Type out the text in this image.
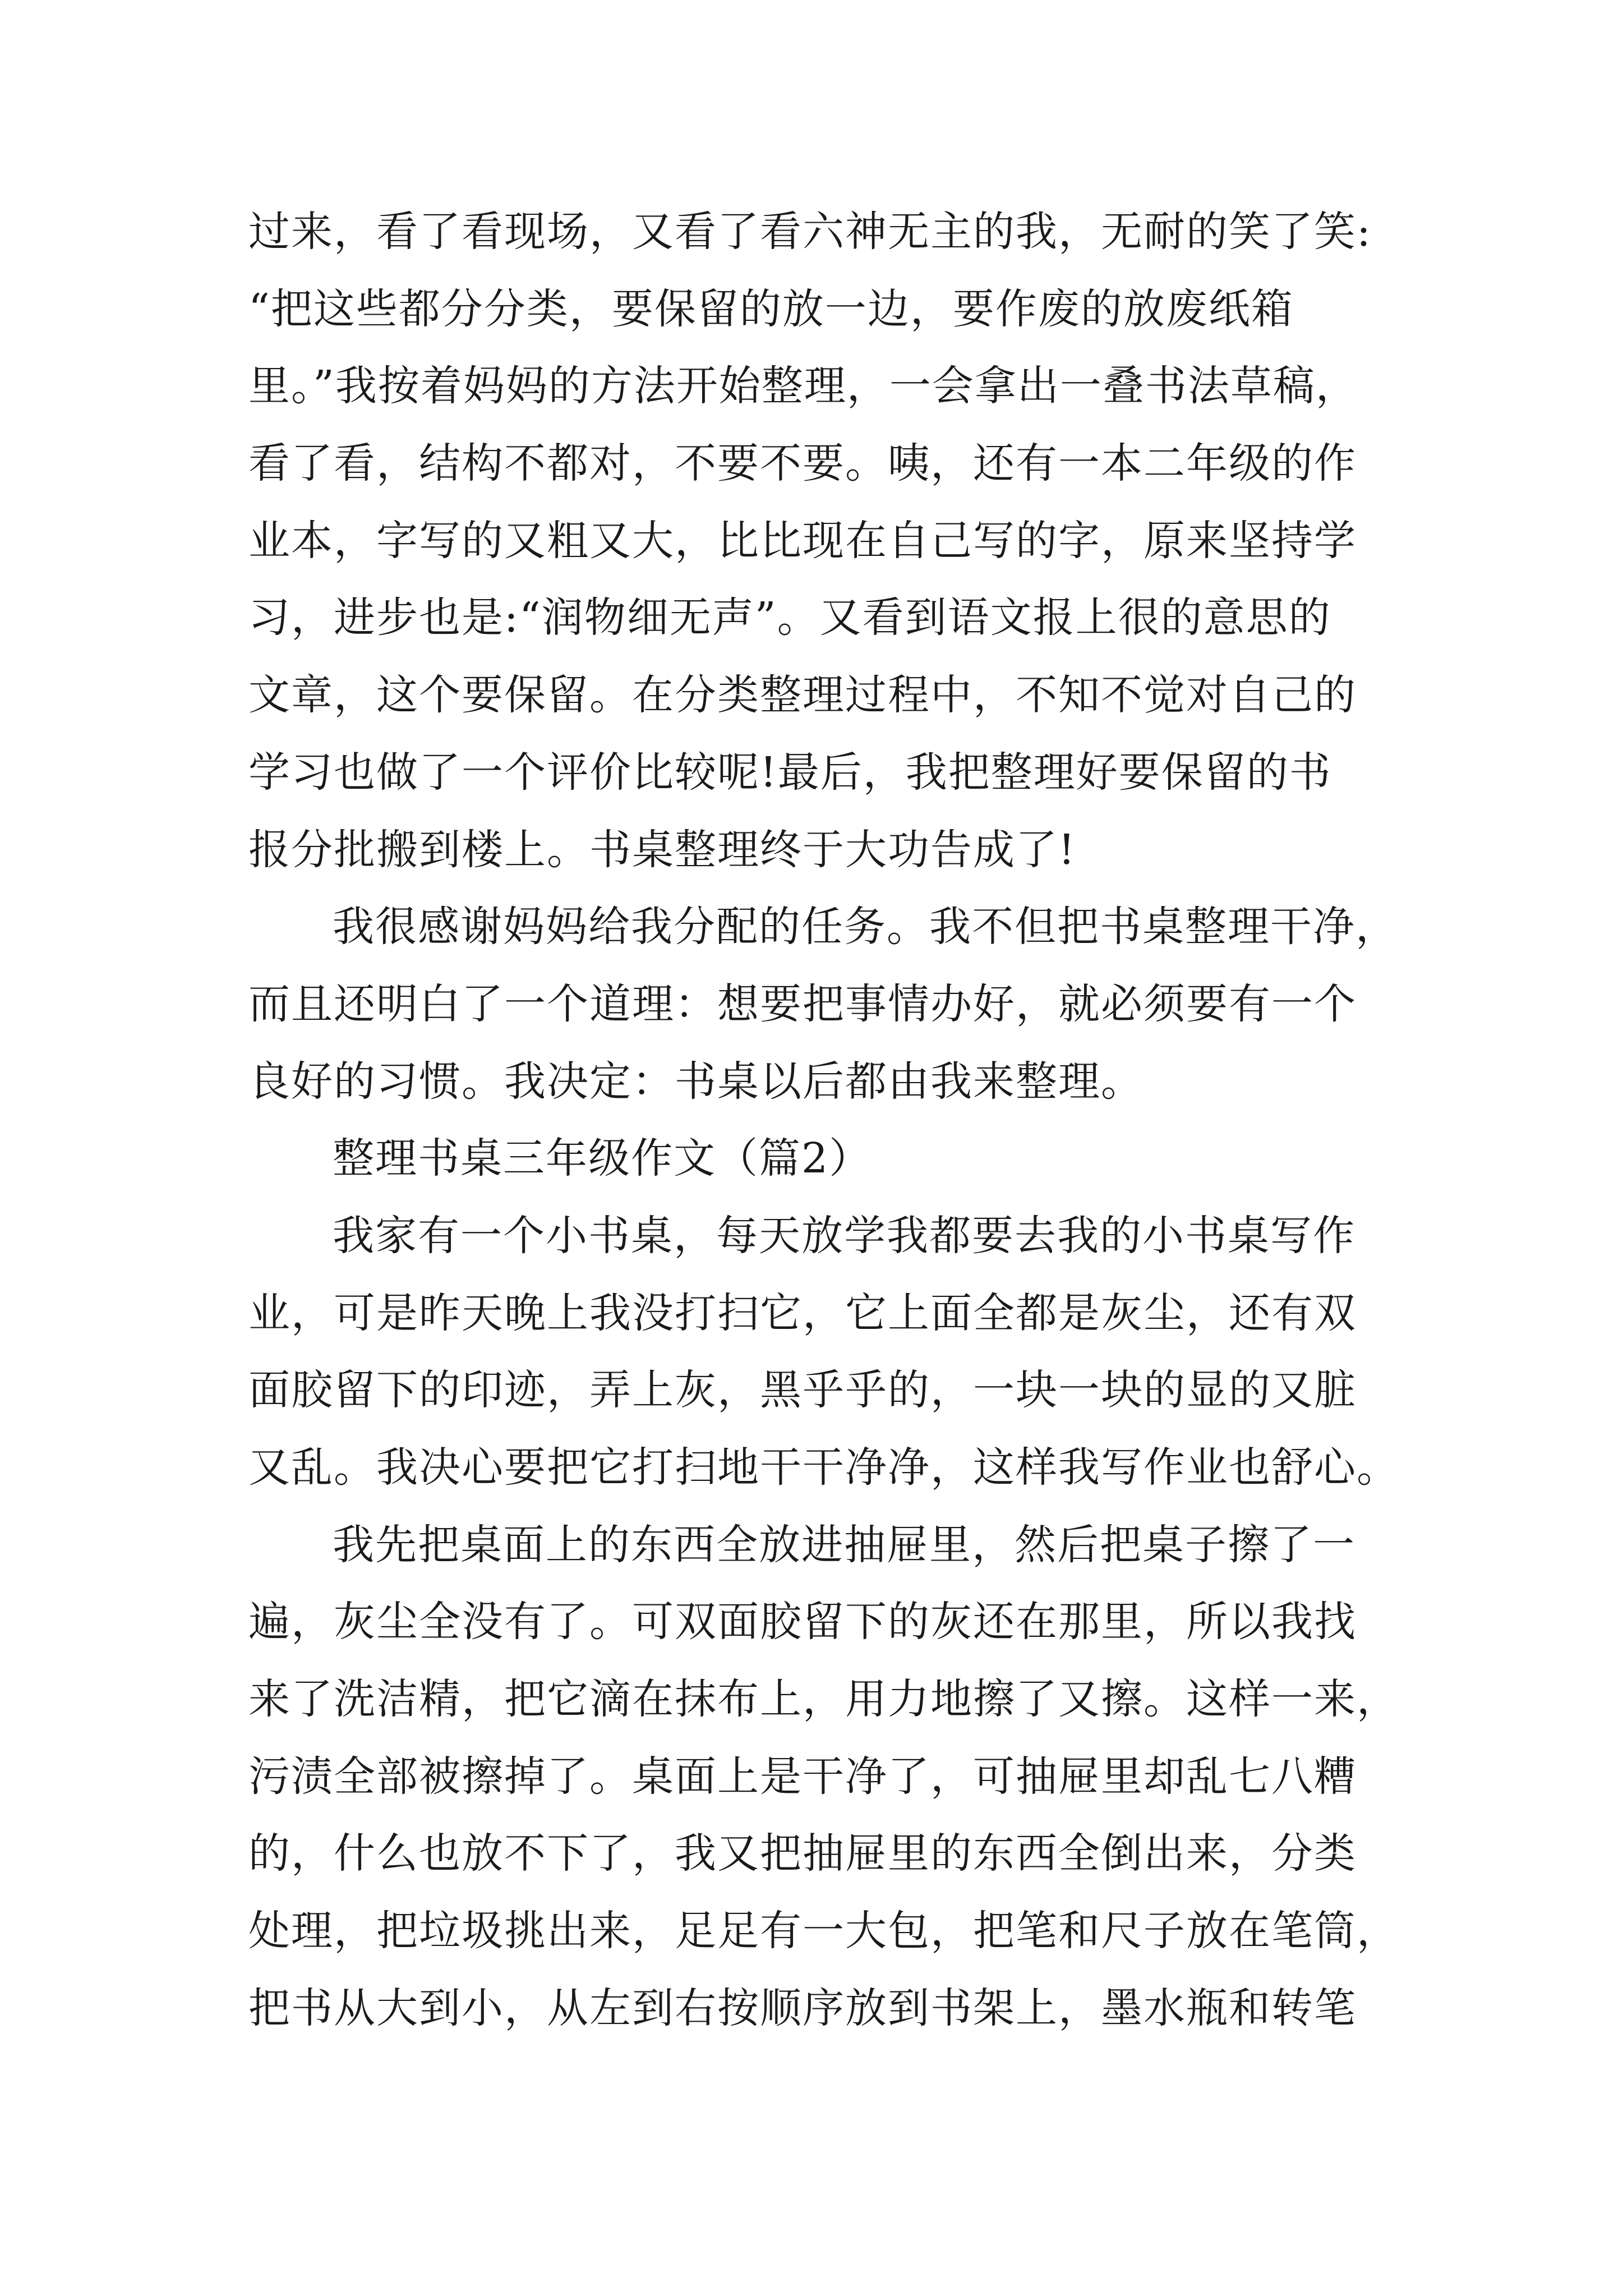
过来，看了看现场，又看了看六神无主的我，无耐的笑了笑:
“把这些都分分类，要保留的放一边，要作废的放废纸箱
里。”我按着妈妈的方法开始整理，一会拿出一叠书法草稿，
看了看，结构不都对，不要不要。咦，还有一本二年级的作
业本，字写的又粗又大，比比现在自己写的字，原来坚持学
习，进步也是:“润物细无声”。又看到语文报上很的意思的
文章，这个要保留。在分类整理过程中，不知不觉对自己的
学习也做了一个评价比较呢!最后，我把整理好要保留的书
报分批搬到楼上。书桌整理终于大功告成了!
我很感谢妈妈给我分配的任务。我不但把书桌整理干净，
而且还明白了一个道理：想要把事情办好，就必须要有一个
良好的习惯。我决定：书桌以后都由我来整理。
整理书桌三年级作文（篇2）
我家有一个小书桌，每天放学我都要去我的小书桌写作
业，可是昨天晚上我没打扫它，它上面全都是灰尘，还有双
面胶留下的印迹，弄上灰，黑乎乎的，一块一块的显的又脏
又乱。我决心要把它打扫地干干净净，这样我写作业也舒心。
我先把桌面上的东西全放进抽屉里，然后把桌子擦了一
遍，灰尘全没有了。可双面胶留下的灰还在那里，所以我找
来了洗洁精，把它滴在抹布上，用力地擦了又擦。这样一来，
污渍全部被擦掉了。桌面上是干净了，可抽屉里却乱七八糟
的，什么也放不下了，我又把抽屉里的东西全倒出来，分类
处理，把垃圾挑出来，足足有一大包，把笔和尺子放在笔筒，
把书从大到小，从左到右按顺序放到书架上，墨水瓶和转笔
